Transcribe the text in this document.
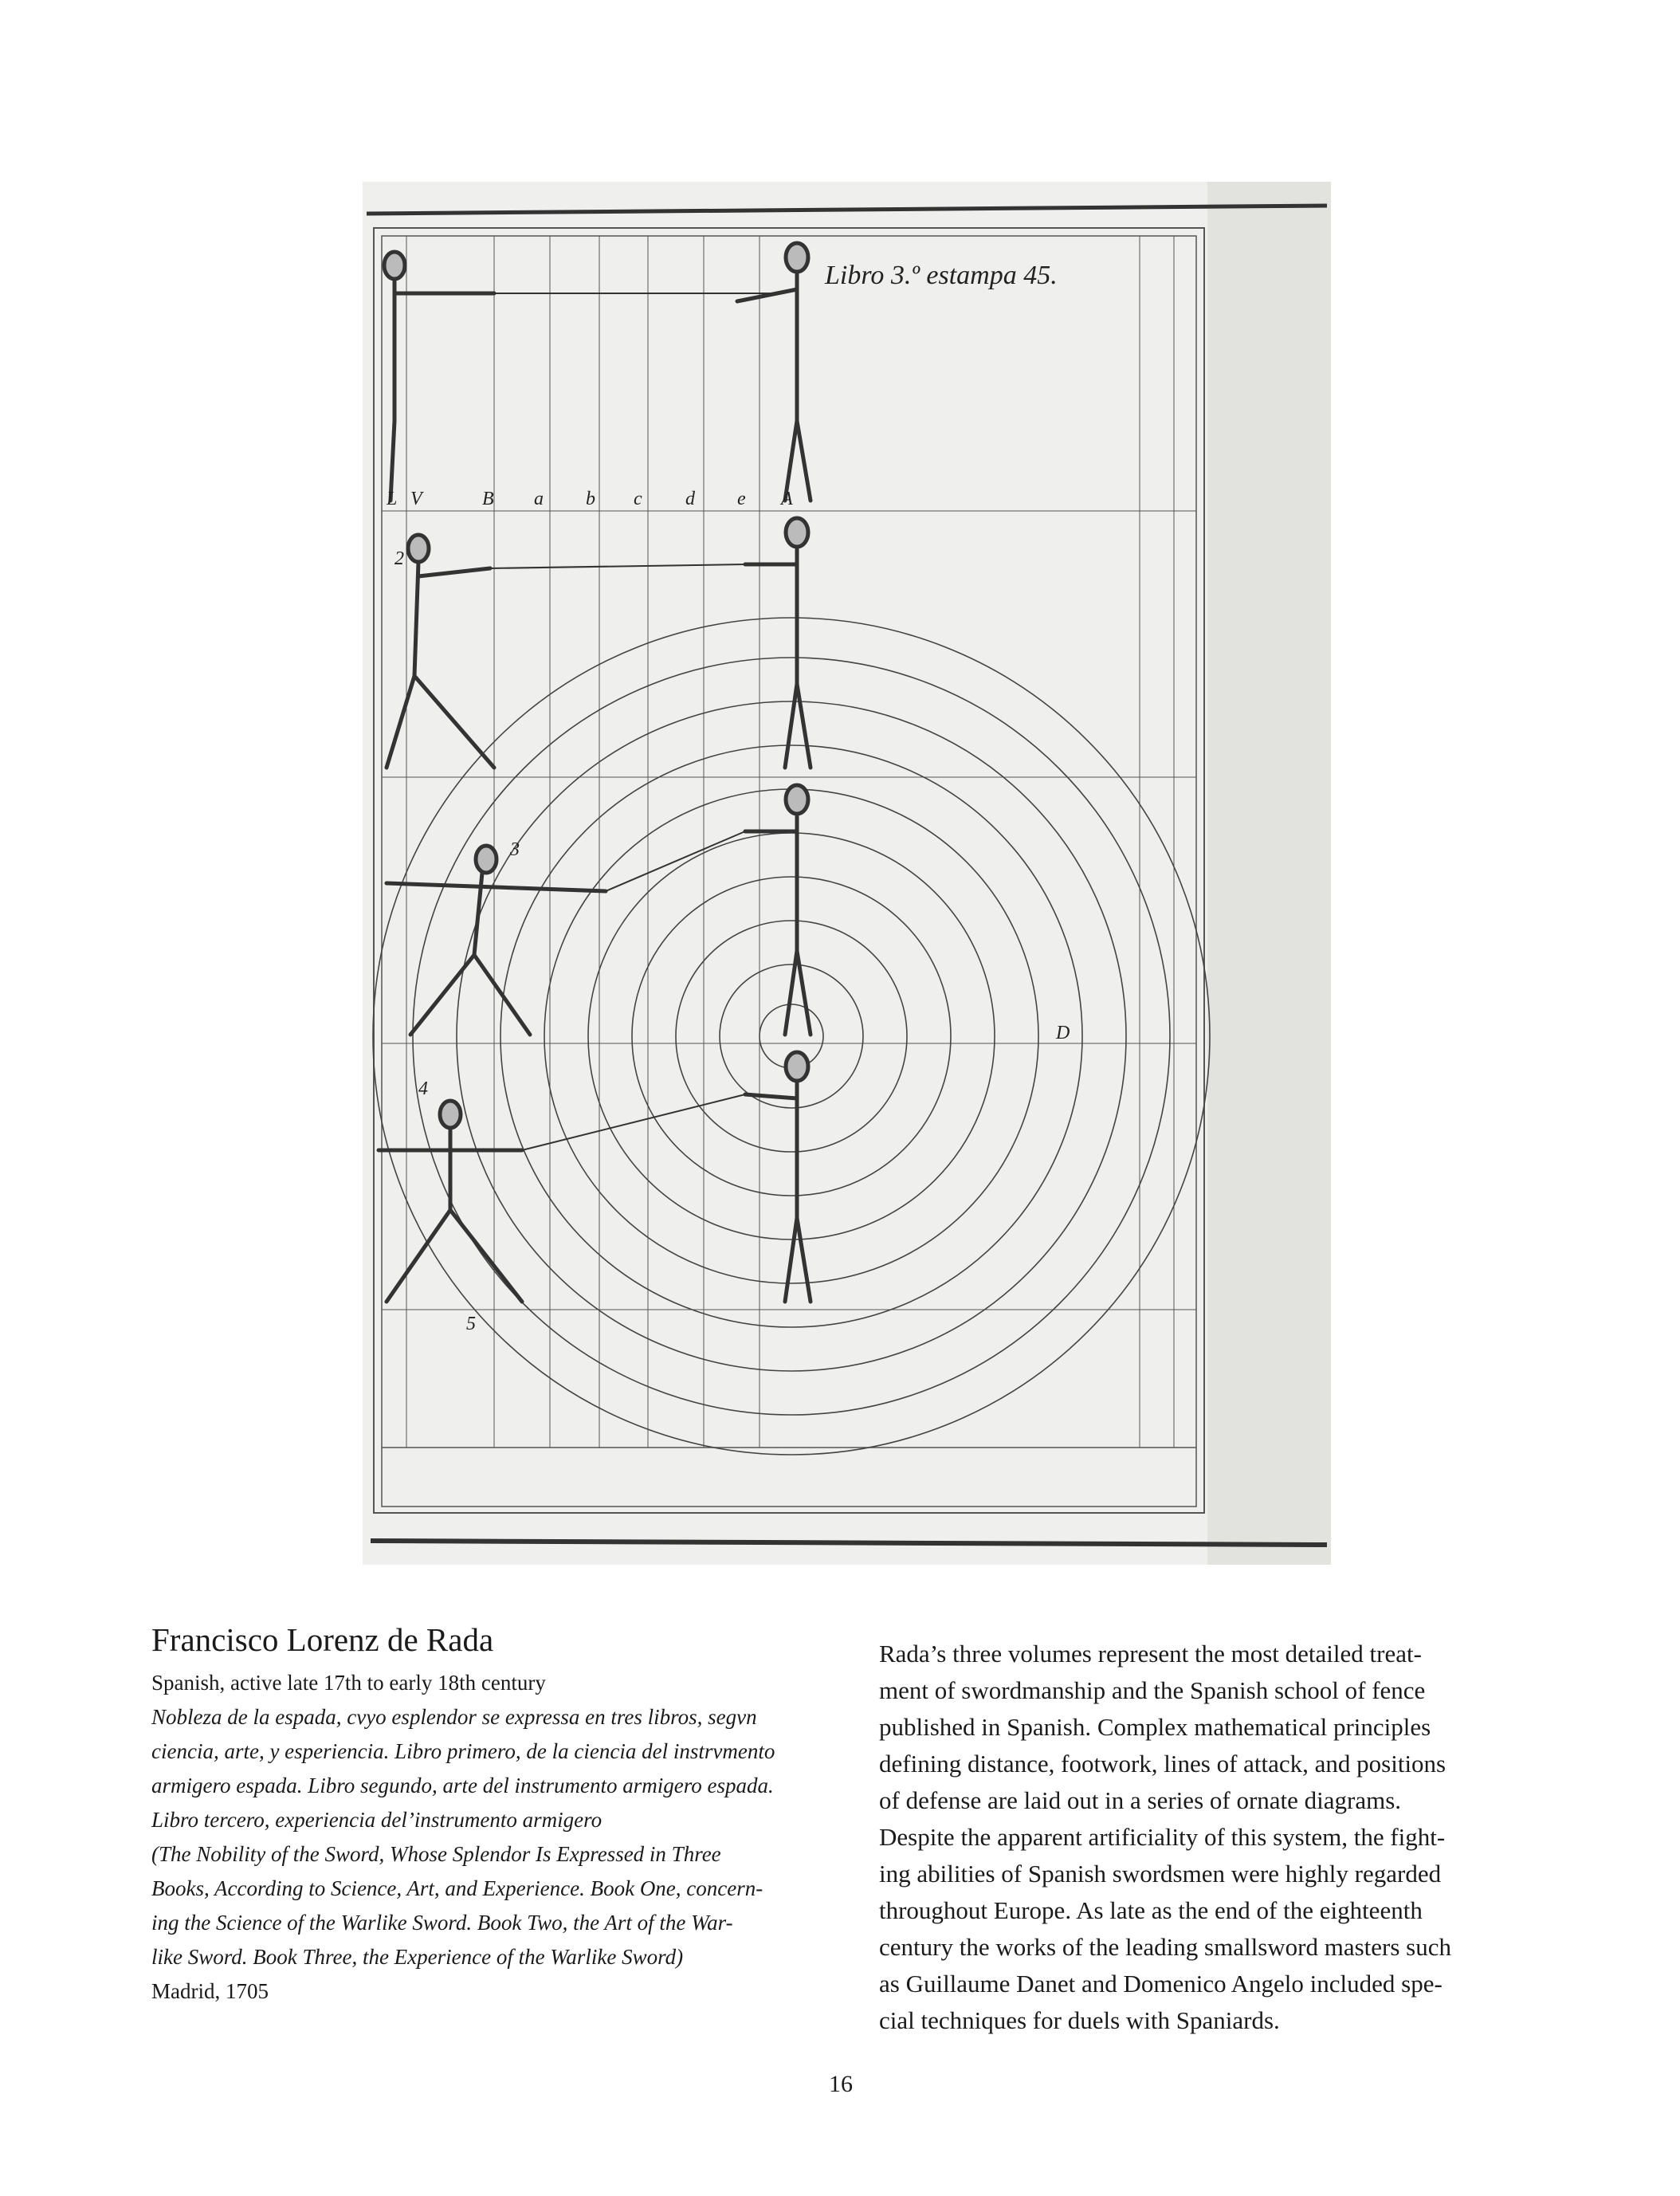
Libro 3.º estampa 45.
L V	B a b c d e A
2
3
4
5
D
Francisco Lorenz de Rada
Spanish, active late 17th to early 18th century
Nobleza de la espada, cvyo esplendor se expressa en tres libros, segvn
ciencia, arte, y esperiencia. Libro primero, de la ciencia del instrvmento
armigero espada. Libro segundo, arte del instrumento armigero espada.
Libro tercero, experiencia del’instrumento armigero
(The Nobility of the Sword, Whose Splendor Is Expressed in Three
Books, According to Science, Art, and Experience. Book One, concern-
ing the Science of the Warlike Sword. Book Two, the Art of the War-
like Sword. Book Three, the Experience of the Warlike Sword)
Madrid, 1705
Rada’s three volumes represent the most detailed treat-
ment of swordmanship and the Spanish school of fence
published in Spanish. Complex mathematical principles
defining distance, footwork, lines of attack, and positions
of defense are laid out in a series of ornate diagrams.
Despite the apparent artificiality of this system, the fight-
ing abilities of Spanish swordsmen were highly regarded
throughout Europe. As late as the end of the eighteenth
century the works of the leading smallsword masters such
as Guillaume Danet and Domenico Angelo included spe-
cial techniques for duels with Spaniards.
16
